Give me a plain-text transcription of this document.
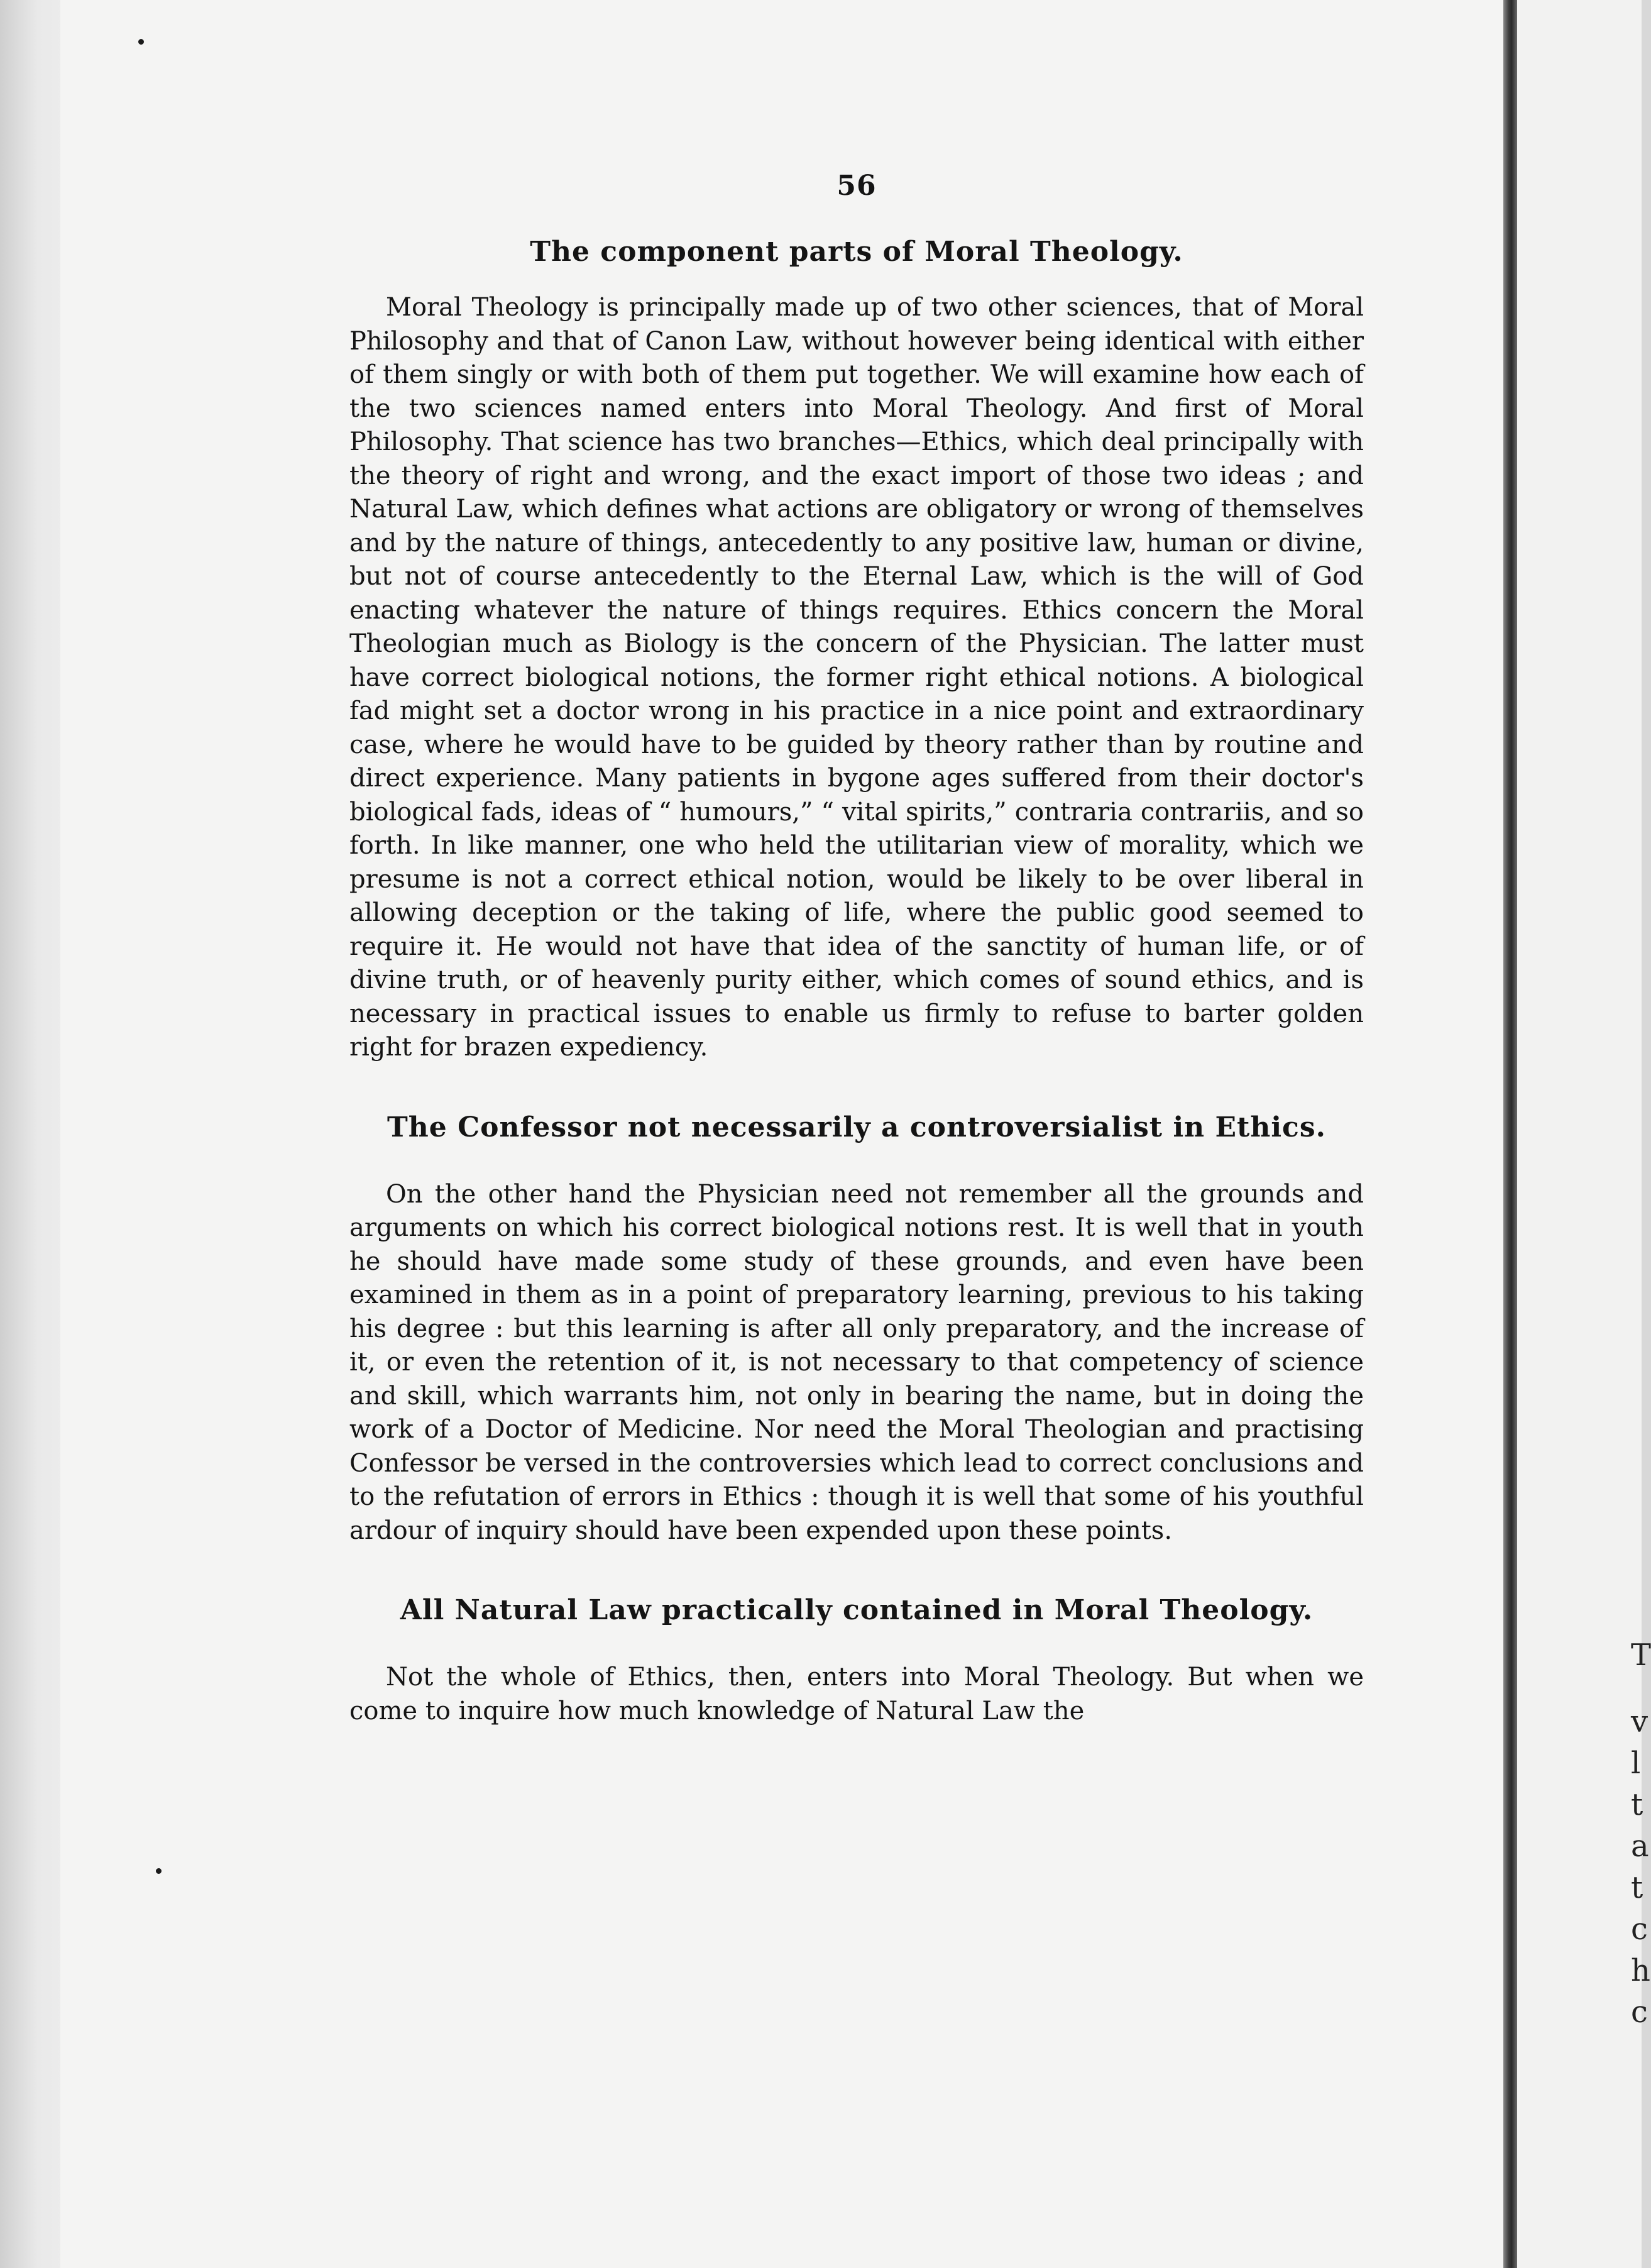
T
v
l
t
a
t
c
h
c
56
The component parts of Moral Theology.

Moral Theology is principally made up of two other sciences, that of Moral Philosophy and that of Canon Law, without however being identical with either of them singly or with both of them put together. We will examine how each of the two sciences named enters into Moral Theology. And first of Moral Philosophy. That science has two branches—Ethics, which deal principally with the theory of right and wrong, and the exact import of those two ideas ; and Natural Law, which defines what actions are obligatory or wrong of themselves and by the nature of things, antecedently to any positive law, human or divine, but not of course antecedently to the Eternal Law, which is the will of God enacting whatever the nature of things requires. Ethics concern the Moral Theologian much as Biology is the concern of the Physician. The latter must have correct biological notions, the former right ethical notions. A biological fad might set a doctor wrong in his practice in a nice point and extraordinary case, where he would have to be guided by theory rather than by routine and direct experience. Many patients in bygone ages suffered from their doctor's biological fads, ideas of “ humours,” “ vital spirits,” contraria contrariis, and so forth. In like manner, one who held the utilitarian view of morality, which we presume is not a correct ethical notion, would be likely to be over liberal in allowing deception or the taking of life, where the public good seemed to require it. He would not have that idea of the sanctity of human life, or of divine truth, or of heavenly purity either, which comes of sound ethics, and is necessary in practical issues to enable us firmly to refuse to barter golden right for brazen expediency.

The Confessor not necessarily a controversialist in Ethics.

On the other hand the Physician need not remember all the grounds and arguments on which his correct biological notions rest. It is well that in youth he should have made some study of these grounds, and even have been examined in them as in a point of preparatory learning, previous to his taking his degree : but this learning is after all only preparatory, and the increase of it, or even the retention of it, is not necessary to that competency of science and skill, which warrants him, not only in bearing the name, but in doing the work of a Doctor of Medicine. Nor need the Moral Theologian and practising Confessor be versed in the controversies which lead to correct conclusions and to the refutation of errors in Ethics : though it is well that some of his youthful ardour of inquiry should have been expended upon these points.

All Natural Law practically contained in Moral Theology.

Not the whole of Ethics, then, enters into Moral Theology. But when we come to inquire how much knowledge of Natural Law the
